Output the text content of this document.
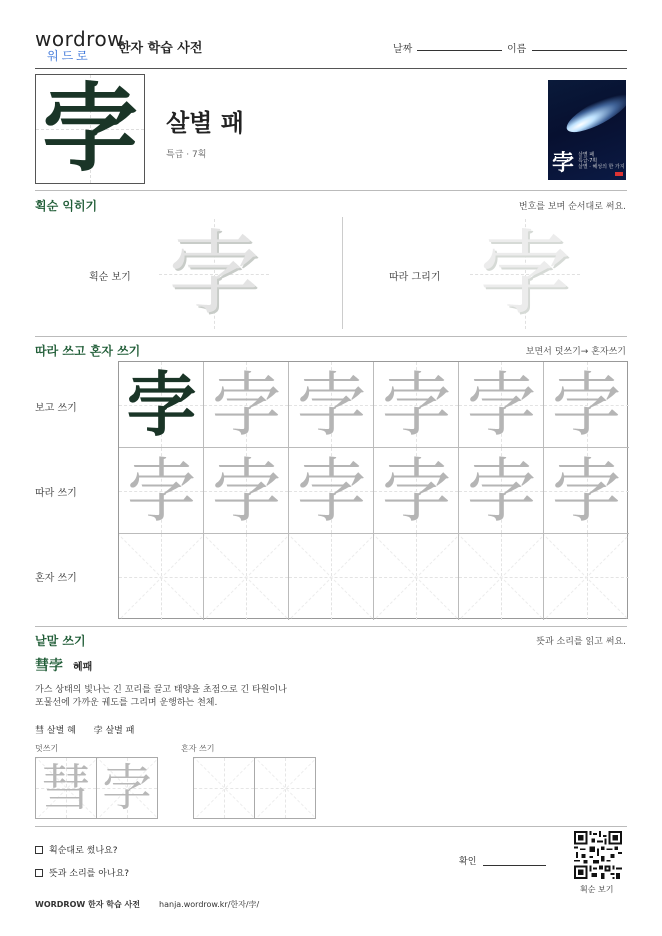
wordrow
워드로 한자 학습 사전	날짜	이름
孛 살별 패
특급 · 7획	孛 살별 패
특급·7획
살별 · 혜성의 한 가지
획순 익히기	번호를 보며 순서대로 써요.
획순 보기 孛	따라 그리기 孛
따라 쓰고 혼자 쓰기	보면서 덧쓰기→ 혼자쓰기
보고 쓰기
따라 쓰기
혼자 쓰기
孛 孛 孛 孛 孛 孛
孛 孛 孛 孛 孛 孛
낱말 쓰기	뜻과 소리를 읽고 써요.
彗孛 혜패
가스 상태의 빛나는 긴 꼬리를 끌고 태양을 초점으로 긴 타원이나
포물선에 가까운 궤도를 그리며 운행하는 천체.
彗 살별 혜 孛 살별 패
덧쓰기	혼자 쓰기
彗 孛
획순대로 썼나요?
뜻과 소리를 아나요?
확인
획순 보기
WORDROW 한자 학습 사전 hanja.wordrow.kr/한자/孛/
